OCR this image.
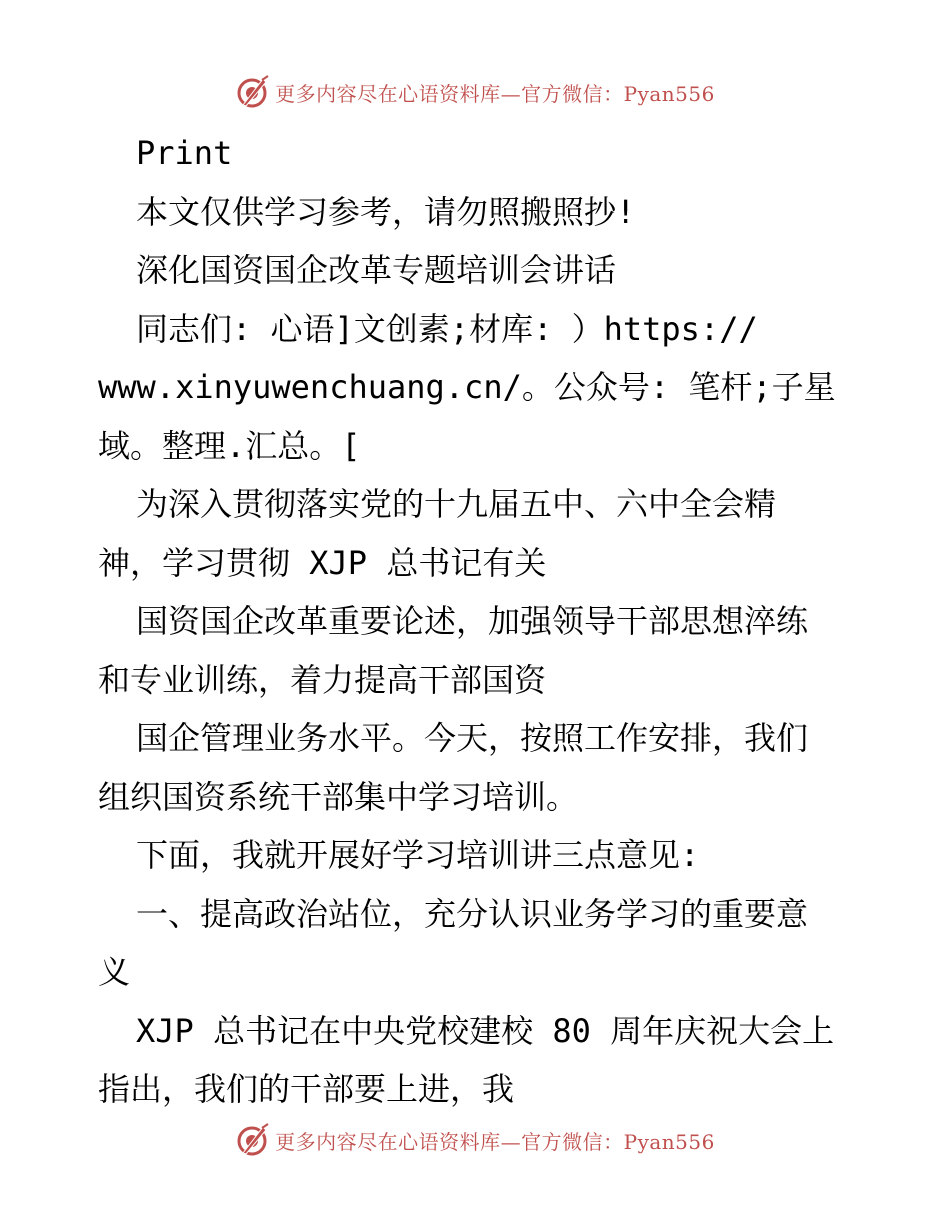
更多内容尽在心语资料库—官方微信：Pyan556

Print

本文仅供学习参考，请勿照搬照抄!

深化国资国企改革专题培训会讲话

同志们: 心语]文创素;材库: ）https://

www.xinyuwenchuang.cn/。公众号: 笔杆;子星

域。整理.汇总。[

为深入贯彻落实党的十九届五中、六中全会精

神，学习贯彻 XJP 总书记有关

国资国企改革重要论述，加强领导干部思想淬练

和专业训练，着力提高干部国资

国企管理业务水平。今天，按照工作安排，我们

组织国资系统干部集中学习培训。

下面，我就开展好学习培训讲三点意见:

一、提高政治站位，充分认识业务学习的重要意

义

XJP 总书记在中央党校建校 80 周年庆祝大会上

指出，我们的干部要上进，我

更多内容尽在心语资料库—官方微信：Pyan556
